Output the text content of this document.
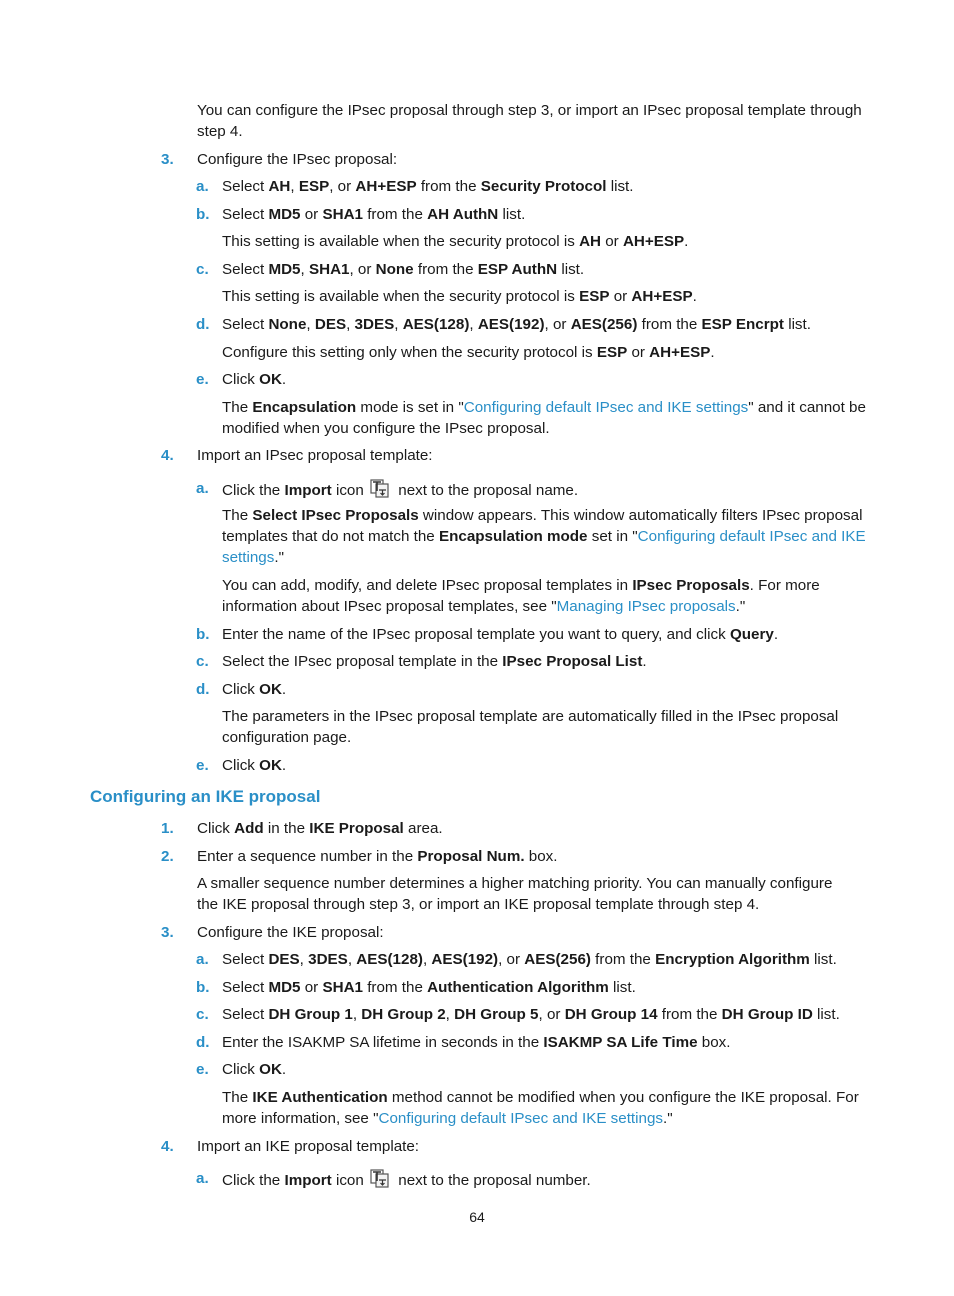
You can configure the IPsec proposal through step 3, or import an IPsec proposal template through
step 4.

3. Configure the IPsec proposal:

a. Select AH, ESP, or AH+ESP from the Security Protocol list.

b. Select MD5 or SHA1 from the AH AuthN list.

This setting is available when the security protocol is AH or AH+ESP.

c. Select MD5, SHA1, or None from the ESP AuthN list.

This setting is available when the security protocol is ESP or AH+ESP.

d. Select None, DES, 3DES, AES(128), AES(192), or AES(256) from the ESP Encrpt list.

Configure this setting only when the security protocol is ESP or AH+ESP.

e. Click OK.

The Encapsulation mode is set in "Configuring default IPsec and IKE settings" and it cannot be
modified when you configure the IPsec proposal.

4. Import an IPsec proposal template:

a. Click the Import icon  next to the proposal name.

The Select IPsec Proposals window appears. This window automatically filters IPsec proposal
templates that do not match the Encapsulation mode set in "Configuring default IPsec and IKE
settings."

You can add, modify, and delete IPsec proposal templates in IPsec Proposals. For more
information about IPsec proposal templates, see "Managing IPsec proposals."

b. Enter the name of the IPsec proposal template you want to query, and click Query.

c. Select the IPsec proposal template in the IPsec Proposal List.

d. Click OK.

The parameters in the IPsec proposal template are automatically filled in the IPsec proposal
configuration page.

e. Click OK.

Configuring an IKE proposal
1. Click Add in the IKE Proposal area.

2. Enter a sequence number in the Proposal Num. box.

A smaller sequence number determines a higher matching priority. You can manually configure
the IKE proposal through step 3, or import an IKE proposal template through step 4.

3. Configure the IKE proposal:

a. Select DES, 3DES, AES(128), AES(192), or AES(256) from the Encryption Algorithm list.

b. Select MD5 or SHA1 from the Authentication Algorithm list.

c. Select DH Group 1, DH Group 2, DH Group 5, or DH Group 14 from the DH Group ID list.

d. Enter the ISAKMP SA lifetime in seconds in the ISAKMP SA Life Time box.

e. Click OK.

The IKE Authentication method cannot be modified when you configure the IKE proposal. For
more information, see "Configuring default IPsec and IKE settings."

4. Import an IKE proposal template:

a. Click the Import icon  next to the proposal number.

64
